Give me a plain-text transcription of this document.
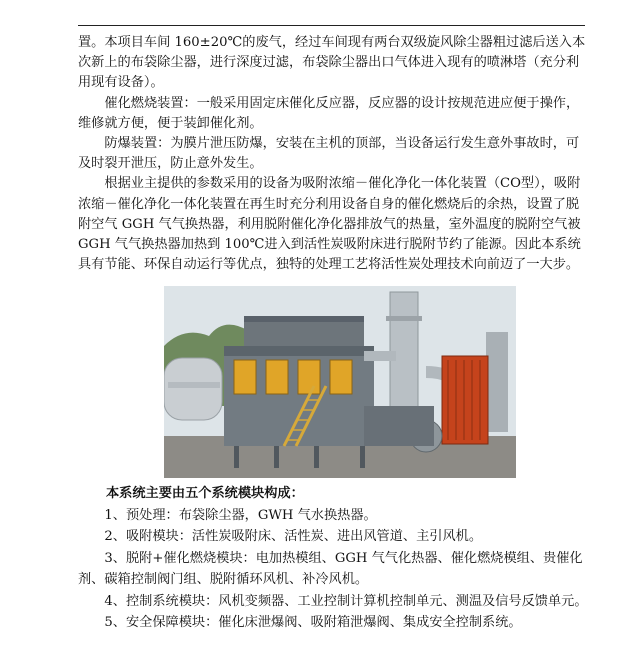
置。本项目车间 160±20℃的废气，经过车间现有两台双级旋风除尘器粗过滤后送入本次新上的布袋除尘器，进行深度过滤，布袋除尘器出口气体进入现有的喷淋塔（充分利用现有设备）。

催化燃烧装置：一般采用固定床催化反应器，反应器的设计按规范进应便于操作，维修就方便，便于装卸催化剂。

防爆装置：为膜片泄压防爆，安装在主机的顶部，当设备运行发生意外事故时，可及时裂开泄压，防止意外发生。

根据业主提供的参数采用的设备为吸附浓缩－催化净化一体化装置（CO型），吸附浓缩－催化净化一体化装置在再生时充分利用设备自身的催化燃烧后的余热，设置了脱附空气 GGH 气气换热器，利用脱附催化净化器排放气的热量，室外温度的脱附空气被 GGH 气气换热器加热到 100℃进入到活性炭吸附床进行脱附节约了能源。因此本系统具有节能、环保自动运行等优点，独特的处理工艺将活性炭处理技术向前迈了一大步。

本系统主要由五个系统模块构成：

1、预处理：布袋除尘器，GWH 气水换热器。

2、吸附模块：活性炭吸附床、活性炭、进出风管道、主引风机。

3、脱附+催化燃烧模块：电加热模组、GGH 气气化热器、催化燃烧模组、贵催化剂、碳箱控制阀门组、脱附循环风机、补冷风机。

4、控制系统模块：风机变频器、工业控制计算机控制单元、测温及信号反馈单元。

5、安全保障模块：催化床泄爆阀、吸附箱泄爆阀、集成安全控制系统。
